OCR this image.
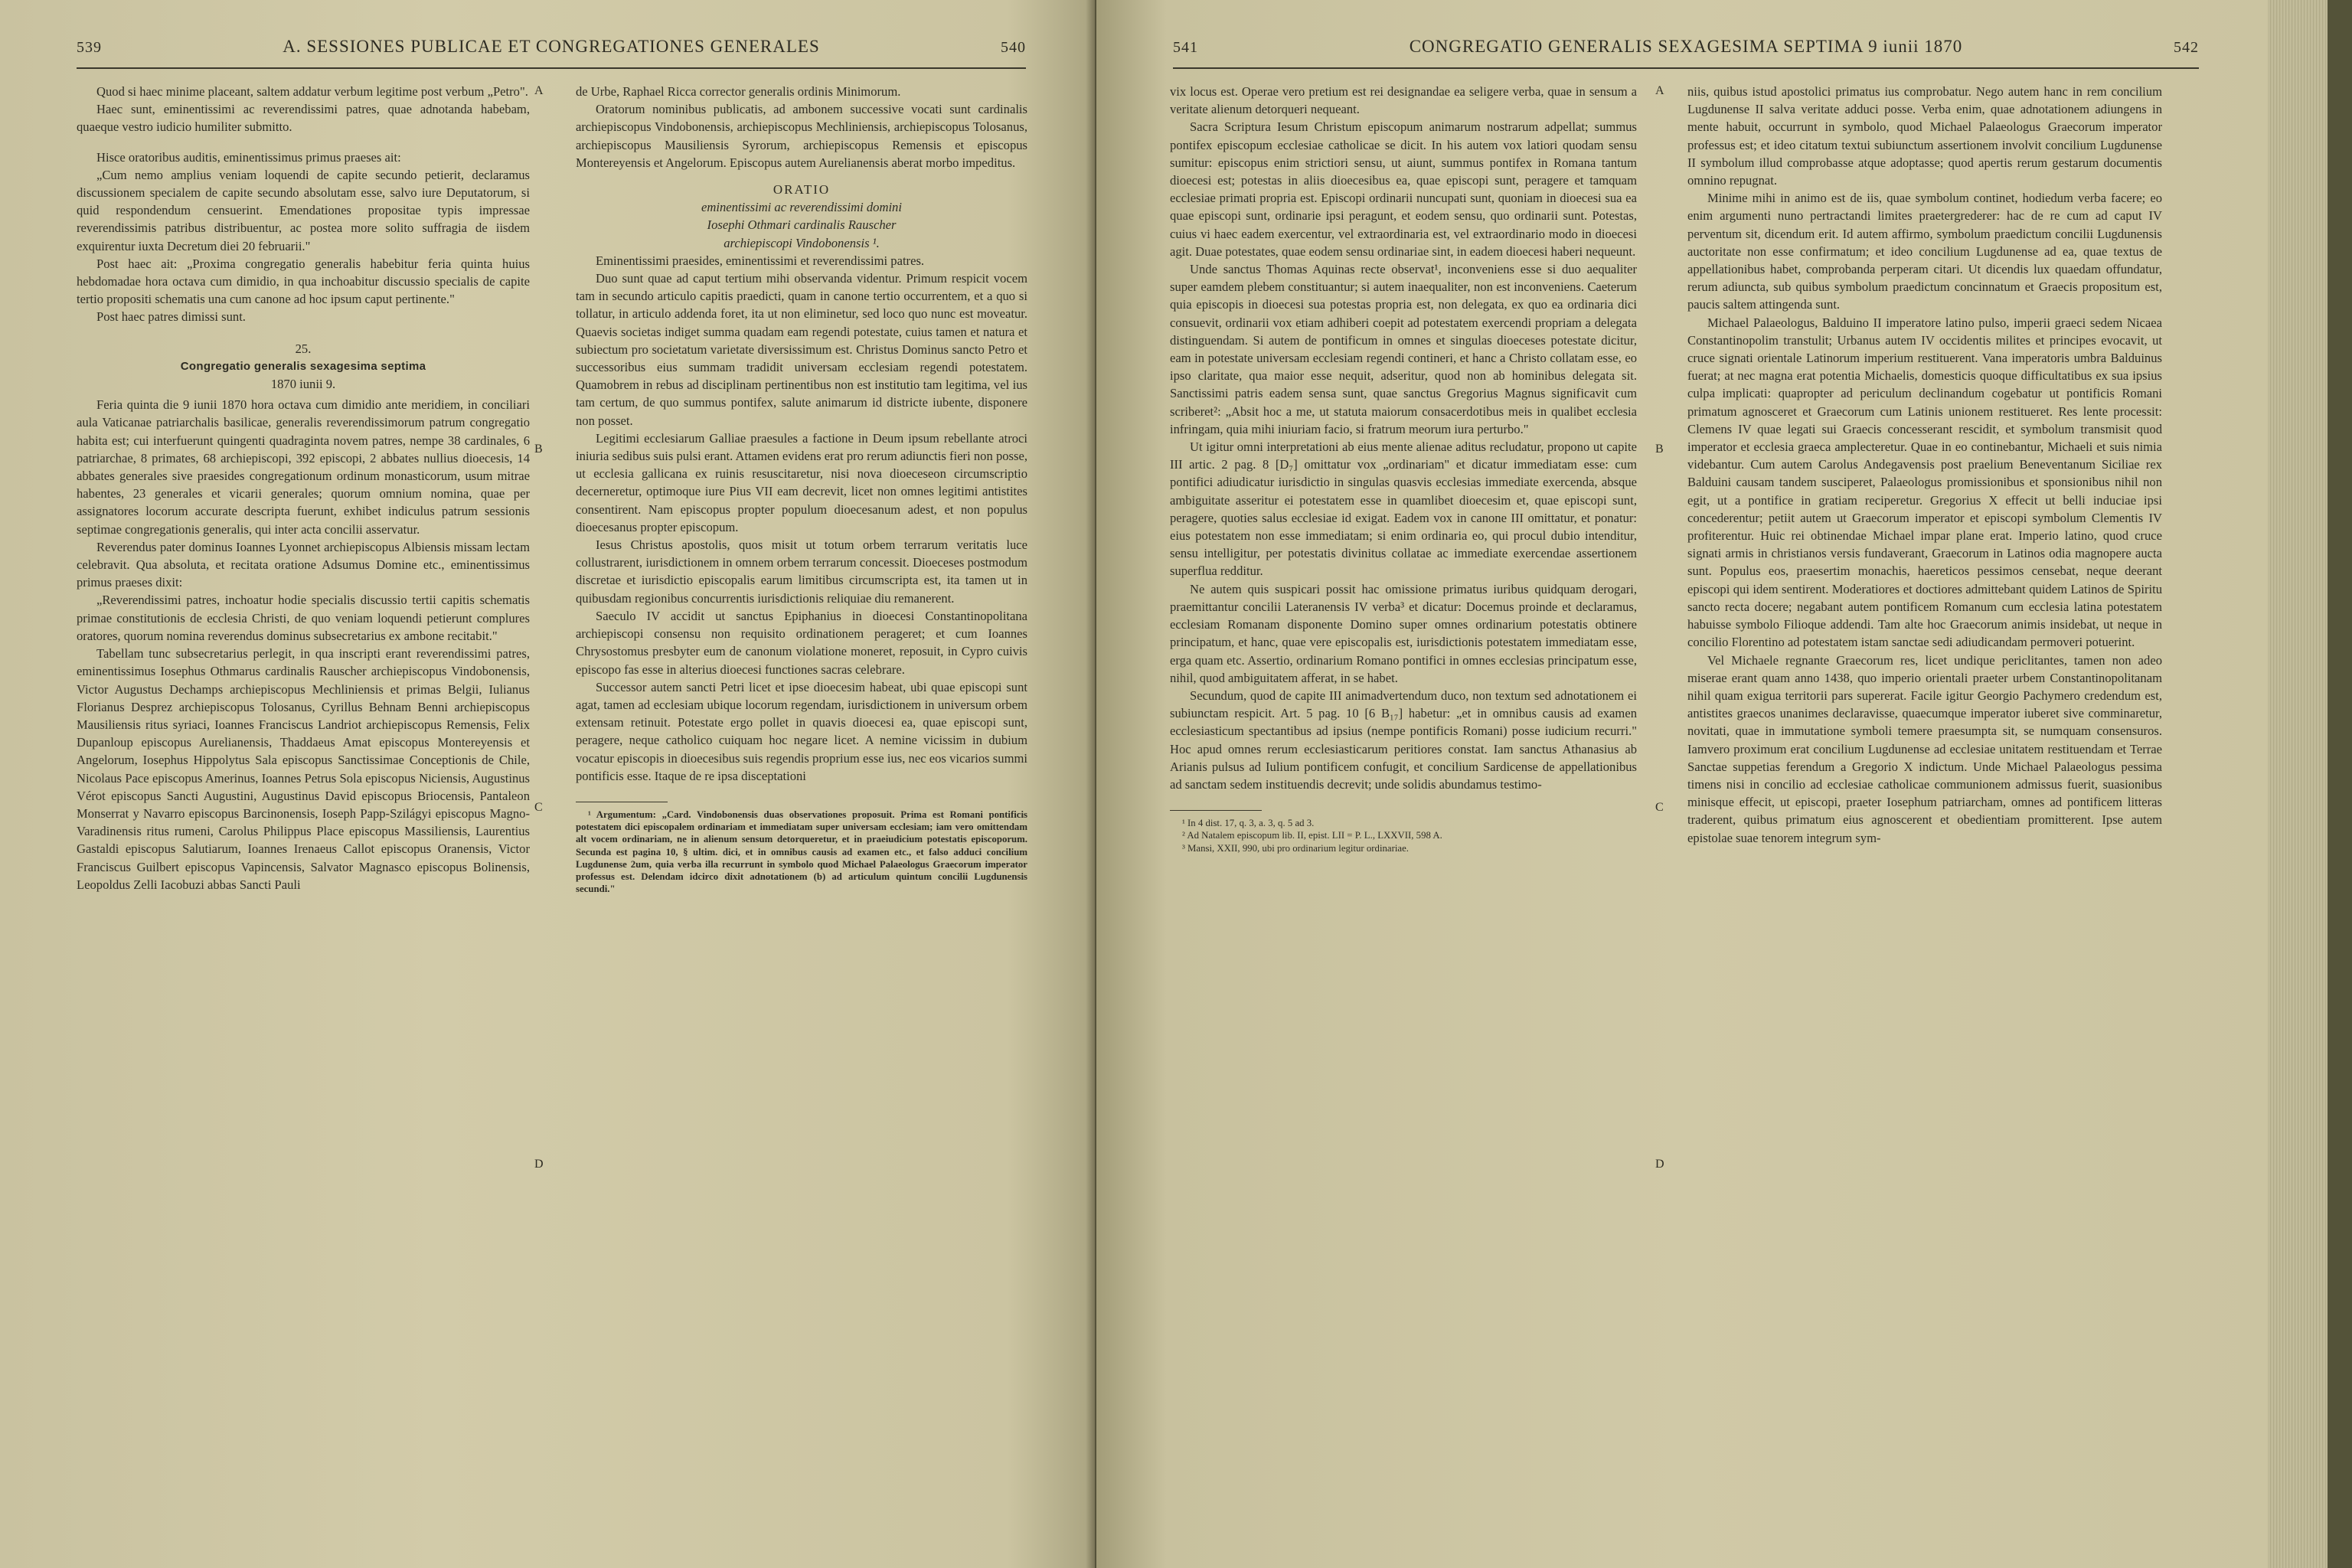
539	A. SESSIONES PUBLICAE ET CONGREGATIONES GENERALES	540

Quod si haec minime placeant, saltem addatur verbum legitime post verbum „Petro".

Haec sunt, eminentissimi ac reverendissimi patres, quae adnotanda habebam, quaeque vestro iudicio humiliter submitto.

Hisce oratoribus auditis, eminentissimus primus praeses ait:

„Cum nemo amplius veniam loquendi de capite secundo petierit, declaramus discussionem specialem de capite secundo absolutam esse, salvo iure Deputatorum, si quid respondendum censuerint. Emendationes propositae typis impressae reverendissimis patribus distribuentur, ac postea more solito suffragia de iisdem exquirentur iuxta Decretum diei 20 februarii."

Post haec ait: „Proxima congregatio generalis habebitur feria quinta huius hebdomadae hora octava cum dimidio, in qua inchoabitur discussio specialis de capite tertio propositi schematis una cum canone ad hoc ipsum caput pertinente."

Post haec patres dimissi sunt.

25.

Congregatio generalis sexagesima septima

1870 iunii 9.

Feria quinta die 9 iunii 1870 hora octava cum dimidio ante meridiem, in conciliari aula Vaticanae patriarchalis basilicae, generalis reverendissimorum patrum congregatio habita est; cui interfuerunt quingenti quadraginta novem patres, nempe 38 cardinales, 6 patriarchae, 8 primates, 68 archiepiscopi, 392 episcopi, 2 abbates nullius dioecesis, 14 abbates generales sive praesides congregationum ordinum monasticorum, usum mitrae habentes, 23 generales et vicarii generales; quorum omnium nomina, quae per assignatores locorum accurate descripta fuerunt, exhibet indiculus patrum sessionis septimae congregationis generalis, qui inter acta concilii asservatur.

Reverendus pater dominus Ioannes Lyonnet archiepiscopus Albiensis missam lectam celebravit. Qua absoluta, et recitata oratione Adsumus Domine etc., eminentissimus primus praeses dixit:

„Reverendissimi patres, inchoatur hodie specialis discussio tertii capitis schematis primae constitutionis de ecclesia Christi, de quo veniam loquendi petierunt complures oratores, quorum nomina reverendus dominus subsecretarius ex ambone recitabit."

Tabellam tunc subsecretarius perlegit, in qua inscripti erant reverendissimi patres, eminentissimus Iosephus Othmarus cardinalis Rauscher archiepiscopus Vindobonensis, Victor Augustus Dechamps archiepiscopus Mechliniensis et primas Belgii, Iulianus Florianus Desprez archiepiscopus Tolosanus, Cyrillus Behnam Benni archiepiscopus Mausiliensis ritus syriaci, Ioannes Franciscus Landriot archiepiscopus Remensis, Felix Dupanloup episcopus Aurelianensis, Thaddaeus Amat episcopus Montereyensis et Angelorum, Iosephus Hippolytus Sala episcopus Sanctissimae Conceptionis de Chile, Nicolaus Pace episcopus Amerinus, Ioannes Petrus Sola episcopus Niciensis, Augustinus Vérot episcopus Sancti Augustini, Augustinus David episcopus Briocensis, Pantaleon Monserrat y Navarro episcopus Barcinonensis, Ioseph Papp-Szilágyi episcopus Magno-Varadinensis ritus rumeni, Carolus Philippus Place episcopus Massiliensis, Laurentius Gastaldi episcopus Salutiarum, Ioannes Irenaeus Callot episcopus Oranensis, Victor Franciscus Guilbert episcopus Vapincensis, Salvator Magnasco episcopus Bolinensis, Leopoldus Zelli Iacobuzi abbas Sancti Pauli

A
B
C
D

de Urbe, Raphael Ricca corrector generalis ordinis Minimorum.

Oratorum nominibus publicatis, ad ambonem successive vocati sunt cardinalis archiepiscopus Vindobonensis, archiepiscopus Mechliniensis, archiepiscopus Tolosanus, archiepiscopus Mausiliensis Syrorum, archiepiscopus Remensis et episcopus Montereyensis et Angelorum. Episcopus autem Aurelianensis aberat morbo impeditus.

ORATIO

eminentissimi ac reverendissimi domini

Iosephi Othmari cardinalis Rauscher

archiepiscopi Vindobonensis ¹.

Eminentissimi praesides, eminentissimi et reverendissimi patres.

Duo sunt quae ad caput tertium mihi observanda videntur. Primum respicit vocem tam in secundo articulo capitis praedicti, quam in canone tertio occurrentem, et a quo si tollatur, in articulo addenda foret, ita ut non eliminetur, sed loco quo nunc est moveatur. Quaevis societas indiget summa quadam eam regendi potestate, cuius tamen et natura et subiectum pro societatum varietate diversissimum est. Christus Dominus sancto Petro et successoribus eius summam tradidit universam ecclesiam regendi potestatem. Quamobrem in rebus ad disciplinam pertinentibus non est institutio tam legitima, vel ius tam certum, de quo summus pontifex, salute animarum id districte iubente, disponere non posset.

Legitimi ecclesiarum Galliae praesules a factione in Deum ipsum rebellante atroci iniuria sedibus suis pulsi erant. Attamen evidens erat pro rerum adiunctis fieri non posse, ut ecclesia gallicana ex ruinis resuscitaretur, nisi nova dioeceseon circumscriptio decerneretur, optimoque iure Pius VII eam decrevit, licet non omnes legitimi antistites consentirent. Nam episcopus propter populum dioecesanum adest, et non populus dioecesanus propter episcopum.

Iesus Christus apostolis, quos misit ut totum orbem terrarum veritatis luce collustrarent, iurisdictionem in omnem orbem terrarum concessit. Dioeceses postmodum discretae et iurisdictio episcopalis earum limitibus circumscripta est, ita tamen ut in quibusdam regionibus concurrentis iurisdictionis reliquiae diu remanerent.

Saeculo IV accidit ut sanctus Epiphanius in dioecesi Constantinopolitana archiepiscopi consensu non requisito ordinationem perageret; et cum Ioannes Chrysostomus presbyter eum de canonum violatione moneret, reposuit, in Cypro cuivis episcopo fas esse in alterius dioecesi functiones sacras celebrare.

Successor autem sancti Petri licet et ipse dioecesim habeat, ubi quae episcopi sunt agat, tamen ad ecclesiam ubique locorum regendam, iurisdictionem in universum orbem extensam retinuit. Potestate ergo pollet in quavis dioecesi ea, quae episcopi sunt, peragere, neque catholico cuiquam hoc negare licet. A nemine vicissim in dubium vocatur episcopis in dioecesibus suis regendis proprium esse ius, nec eos vicarios summi pontificis esse. Itaque de re ipsa disceptationi

¹ Argumentum: „Card. Vindobonensis duas observationes proposuit. Prima est Romani pontificis potestatem dici episcopalem ordinariam et immediatam super universam ecclesiam; iam vero omittendam alt vocem ordinariam, ne in alienum sensum detorqueretur, et in praeiudicium potestatis episcoporum. Secunda est pagina 10, § ultim. dici, et in omnibus causis ad examen etc., et falso adduci concilium Lugdunense 2um, quia verba illa recurrunt in symbolo quod Michael Palaeologus Graecorum imperator professus est. Delendam idcirco dixit adnotationem (b) ad articulum quintum concilii Lugdunensis secundi."

541	CONGREGATIO GENERALIS SEXAGESIMA SEPTIMA 9 iunii 1870	542

vix locus est. Operae vero pretium est rei designandae ea seligere verba, quae in sensum a veritate alienum detorqueri nequeant.

Sacra Scriptura Iesum Christum episcopum animarum nostrarum adpellat; summus pontifex episcopum ecclesiae catholicae se dicit. In his autem vox latiori quodam sensu sumitur: episcopus enim strictiori sensu, ut aiunt, summus pontifex in Romana tantum dioecesi est; potestas in aliis dioecesibus ea, quae episcopi sunt, peragere et tamquam ecclesiae primati propria est. Episcopi ordinarii nuncupati sunt, quoniam in dioecesi sua ea quae episcopi sunt, ordinarie ipsi peragunt, et eodem sensu, quo ordinarii sunt. Potestas, cuius vi haec eadem exercentur, vel extraordinaria est, vel extraordinario modo in dioecesi agit. Duae potestates, quae eodem sensu ordinariae sint, in eadem dioecesi haberi nequeunt.

Unde sanctus Thomas Aquinas recte observat¹, inconveniens esse si duo aequaliter super eamdem plebem constituantur; si autem inaequaliter, non est inconveniens. Caeterum quia episcopis in dioecesi sua potestas propria est, non delegata, ex quo ea ordinaria dici consuevit, ordinarii vox etiam adhiberi coepit ad potestatem exercendi propriam a delegata distinguendam. Si autem de pontificum in omnes et singulas dioeceses potestate dicitur, eam in potestate universam ecclesiam regendi contineri, et hanc a Christo collatam esse, eo ipso claritate, qua maior esse nequit, adseritur, quod non ab hominibus delegata sit. Sanctissimi patris eadem sensa sunt, quae sanctus Gregorius Magnus significavit cum scriberet²: „Absit hoc a me, ut statuta maiorum consacerdotibus meis in qualibet ecclesia infringam, quia mihi iniuriam facio, si fratrum meorum iura perturbo."

Ut igitur omni interpretationi ab eius mente alienae aditus recludatur, propono ut capite III artic. 2 pag. 8 [D₇] omittatur vox „ordinariam" et dicatur immediatam esse: cum pontifici adiudicatur iurisdictio in singulas quasvis ecclesias immediate exercenda, absque ambiguitate asseritur ei potestatem esse in quamlibet dioecesim et, quae episcopi sunt, peragere, quoties salus ecclesiae id exigat. Eadem vox in canone III omittatur, et ponatur: eius potestatem non esse immediatam; si enim ordinaria eo, qui procul dubio intenditur, sensu intelligitur, per potestatis divinitus collatae ac immediate exercendae assertionem superflua redditur.

Ne autem quis suspicari possit hac omissione primatus iuribus quidquam derogari, praemittantur concilii Lateranensis IV verba³ et dicatur: Docemus proinde et declaramus, ecclesiam Romanam disponente Domino super omnes ordinarium potestatis obtinere principatum, et hanc, quae vere episcopalis est, iurisdictionis potestatem immediatam esse, erga quam etc. Assertio, ordinarium Romano pontifici in omnes ecclesias principatum esse, nihil, quod ambiguitatem afferat, in se habet.

Secundum, quod de capite III animadvertendum duco, non textum sed adnotationem ei subiunctam respicit. Art. 5 pag. 10 [6 B₁₇] habetur: „et in omnibus causis ad examen ecclesiasticum spectantibus ad ipsius (nempe pontificis Romani) posse iudicium recurri." Hoc apud omnes rerum ecclesiasticarum peritiores constat. Iam sanctus Athanasius ab Arianis pulsus ad Iulium pontificem confugit, et concilium Sardicense de appellationibus ad sanctam sedem instituendis decrevit; unde solidis abundamus testimo-

¹ In 4 dist. 17, q. 3, a. 3, q. 5 ad 3.

² Ad Natalem episcopum lib. II, epist. LII = P. L., LXXVII, 598 A.

³ Mansi, XXII, 990, ubi pro ordinarium legitur ordinariae.

A
B
C
D

niis, quibus istud apostolici primatus ius comprobatur. Nego autem hanc in rem concilium Lugdunense II salva veritate adduci posse. Verba enim, quae adnotationem adiungens in mente habuit, occurrunt in symbolo, quod Michael Palaeologus Graecorum imperator professus est; et ideo citatum textui subiunctum assertionem involvit concilium Lugdunense II symbolum illud comprobasse atque adoptasse; quod apertis rerum gestarum documentis omnino repugnat.

Minime mihi in animo est de iis, quae symbolum continet, hodiedum verba facere; eo enim argumenti nuno pertractandi limites praetergrederer: hac de re cum ad caput IV perventum sit, dicendum erit. Id autem affirmo, symbolum praedictum concilii Lugdunensis auctoritate non esse confirmatum; et ideo concilium Lugdunense ad ea, quae textus de appellationibus habet, comprobanda perperam citari. Ut dicendis lux quaedam offundatur, rerum adiuncta, sub quibus symbolum praedictum concinnatum et Graecis propositum est, paucis saltem attingenda sunt.

Michael Palaeologus, Balduino II imperatore latino pulso, imperii graeci sedem Nicaea Constantinopolim transtulit; Urbanus autem IV occidentis milites et principes evocavit, ut cruce signati orientale Latinorum imperium restituerent. Vana imperatoris umbra Balduinus fuerat; at nec magna erat potentia Michaelis, domesticis quoque difficultatibus ex sua ipsius culpa implicati: quapropter ad periculum declinandum cogebatur ut pontificis Romani primatum agnosceret et Graecorum cum Latinis unionem restitueret. Res lente processit: Clemens IV quae legati sui Graecis concesserant rescidit, et symbolum transmisit quod imperator et ecclesia graeca amplecteretur. Quae in eo continebantur, Michaeli et suis nimia videbantur. Cum autem Carolus Andegavensis post praelium Beneventanum Siciliae rex Balduini causam tandem susciperet, Palaeologus promissionibus et sponsionibus nihil non egit, ut a pontifice in gratiam reciperetur. Gregorius X effecit ut belli induciae ipsi concederentur; petiit autem ut Graecorum imperator et episcopi symbolum Clementis IV profiterentur. Huic rei obtinendae Michael impar plane erat. Imperio latino, quod cruce signati armis in christianos versis fundaverant, Graecorum in Latinos odia magnopere aucta sunt. Populus eos, praesertim monachis, haereticos pessimos censebat, neque deerant episcopi qui idem sentirent. Moderatiores et doctiores admittebant quidem Latinos de Spiritu sancto recta docere; negabant autem pontificem Romanum cum ecclesia latina potestatem habuisse symbolo Filioque addendi. Tam alte hoc Graecorum animis insidebat, ut neque in concilio Florentino ad potestatem istam sanctae sedi adiudicandam permoveri potuerint.

Vel Michaele regnante Graecorum res, licet undique periclitantes, tamen non adeo miserae erant quam anno 1438, quo imperio orientali praeter urbem Constantinopolitanam nihil quam exigua territorii pars supererat. Facile igitur Georgio Pachymero credendum est, antistites graecos unanimes declaravisse, quaecumque imperator iuberet sive comminaretur, novitati, quae in immutatione symboli temere praesumpta sit, se numquam consensuros. Iamvero proximum erat concilium Lugdunense ad ecclesiae unitatem restituendam et Terrae Sanctae suppetias ferendum a Gregorio X indictum. Unde Michael Palaeologus pessima timens nisi in concilio ad ecclesiae catholicae communionem admissus fuerit, suasionibus minisque effecit, ut episcopi, praeter Iosephum patriarcham, omnes ad pontificem litteras traderent, quibus primatum eius agnoscerent et obedientiam promitterent. Ipse autem epistolae suae tenorem integrum sym-
